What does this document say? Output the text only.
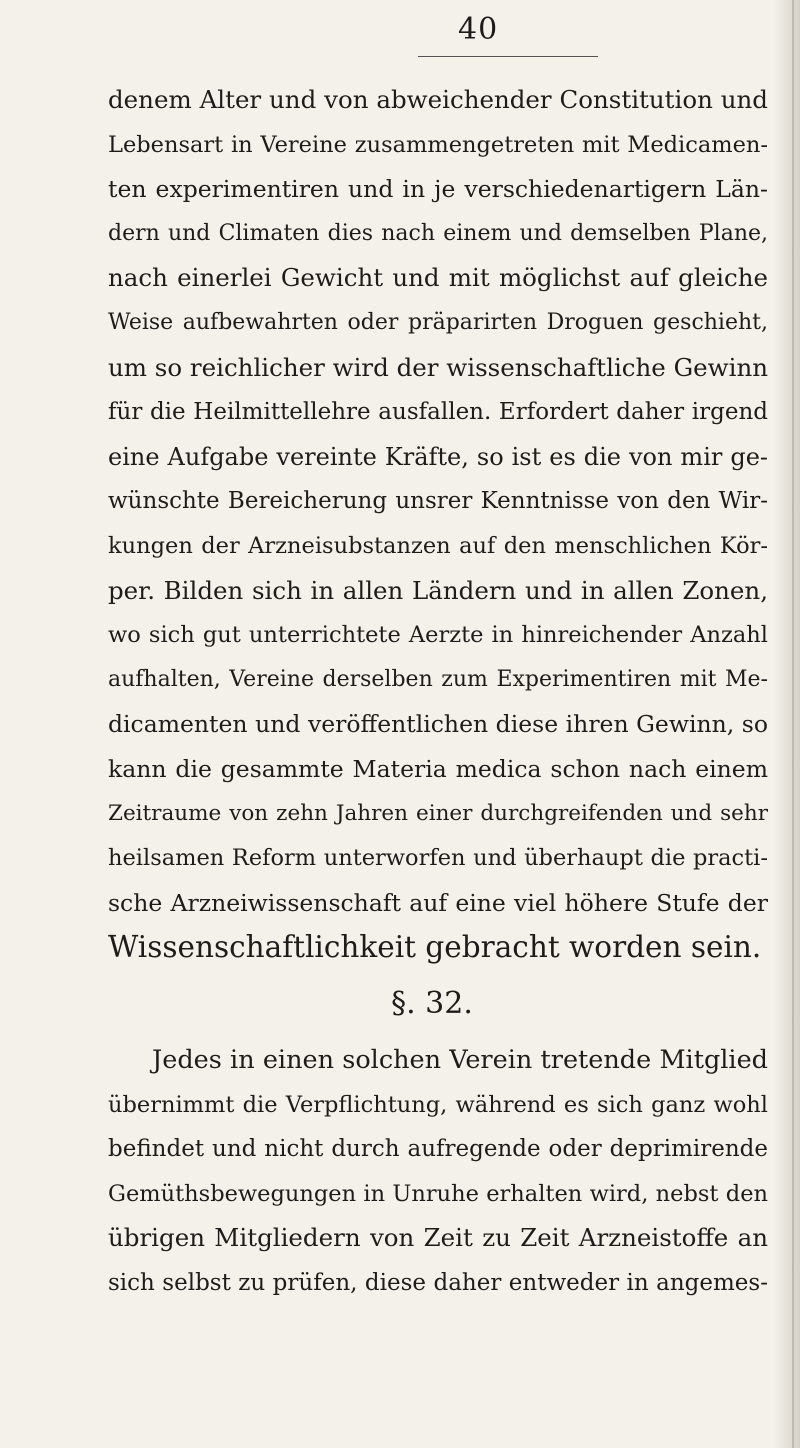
40
denem Alter und von abweichender Constitution und
Lebensart in Vereine zusammengetreten mit Medicamen-
ten experimentiren und in je verschiedenartigern Län-
dern und Climaten dies nach einem und demselben Plane,
nach einerlei Gewicht und mit möglichst auf gleiche
Weise aufbewahrten oder präparirten Droguen geschieht,
um so reichlicher wird der wissenschaftliche Gewinn
für die Heilmittellehre ausfallen. Erfordert daher irgend
eine Aufgabe vereinte Kräfte, so ist es die von mir ge-
wünschte Bereicherung unsrer Kenntnisse von den Wir-
kungen der Arzneisubstanzen auf den menschlichen Kör-
per. Bilden sich in allen Ländern und in allen Zonen,
wo sich gut unterrichtete Aerzte in hinreichender Anzahl
aufhalten, Vereine derselben zum Experimentiren mit Me-
dicamenten und veröffentlichen diese ihren Gewinn, so
kann die gesammte Materia medica schon nach einem
Zeitraume von zehn Jahren einer durchgreifenden und sehr
heilsamen Reform unterworfen und überhaupt die practi-
sche Arzneiwissenschaft auf eine viel höhere Stufe der
Wissenschaftlichkeit gebracht worden sein.
§. 32.
Jedes in einen solchen Verein tretende Mitglied
übernimmt die Verpflichtung, während es sich ganz wohl
befindet und nicht durch aufregende oder deprimirende
Gemüthsbewegungen in Unruhe erhalten wird, nebst den
übrigen Mitgliedern von Zeit zu Zeit Arzneistoffe an
sich selbst zu prüfen, diese daher entweder in angemes-
